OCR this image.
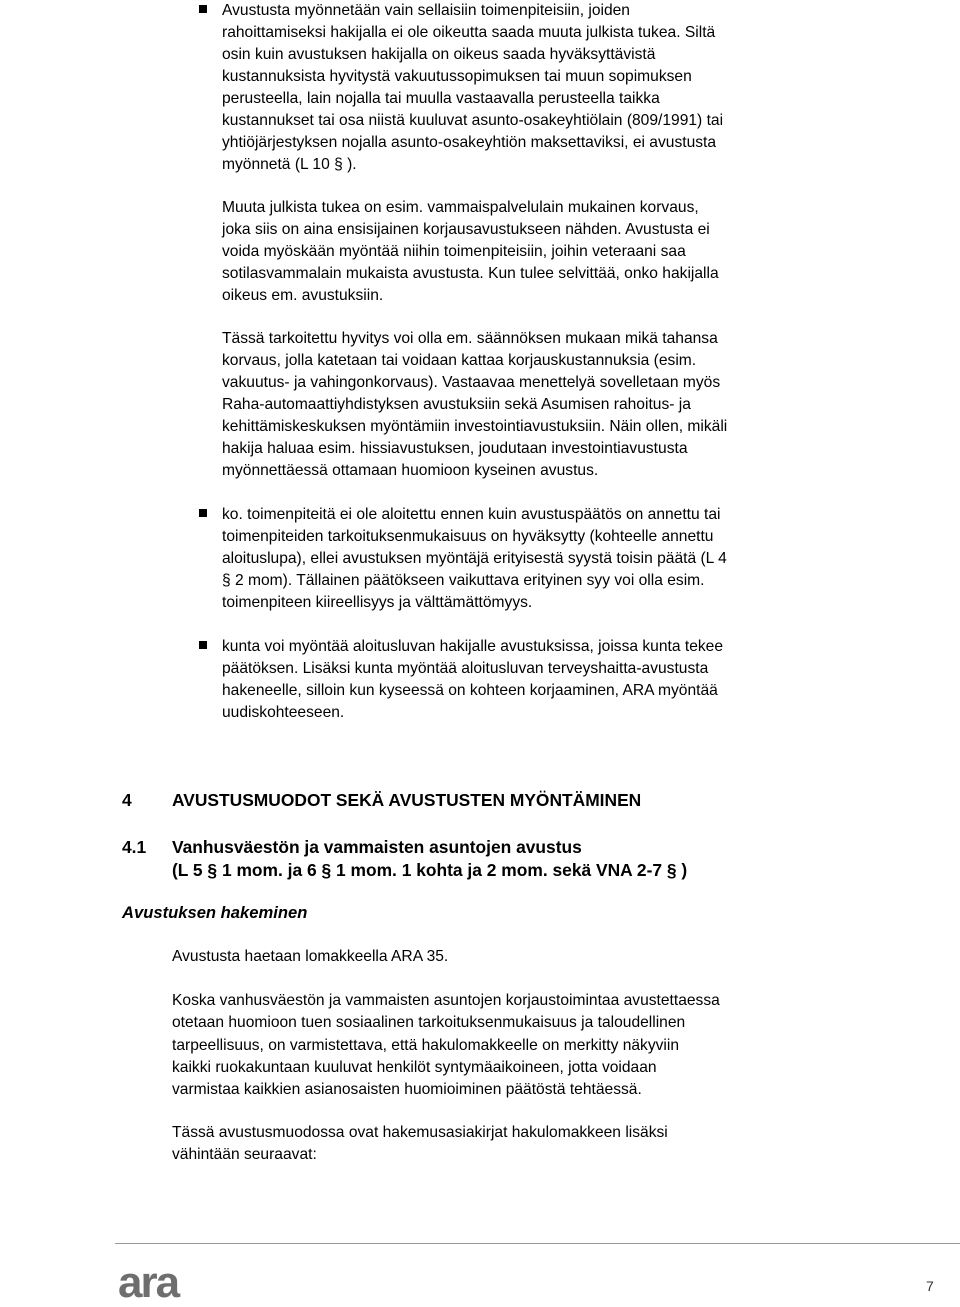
Avustusta myönnetään vain sellaisiin toimenpiteisiin, joiden
rahoittamiseksi hakijalla ei ole oikeutta saada muuta julkista tukea. Siltä
osin kuin avustuksen hakijalla on oikeus saada hyväksyttävistä
kustannuksista hyvitystä vakuutussopimuksen tai muun sopimuksen
perusteella, lain nojalla tai muulla vastaavalla perusteella taikka
kustannukset tai osa niistä kuuluvat asunto-osakeyhtiölain (809/1991) tai
yhtiöjärjestyksen nojalla asunto-osakeyhtiön maksettaviksi, ei avustusta
myönnetä (L 10 § ).

Muuta julkista tukea on esim. vammaispalvelulain mukainen korvaus,
joka siis on aina ensisijainen korjausavustukseen nähden. Avustusta ei
voida myöskään myöntää niihin toimenpiteisiin, joihin veteraani saa
sotilasvammalain mukaista avustusta. Kun tulee selvittää, onko hakijalla
oikeus em. avustuksiin.

Tässä tarkoitettu hyvitys voi olla em. säännöksen mukaan mikä tahansa
korvaus, jolla katetaan tai voidaan kattaa korjauskustannuksia (esim.
vakuutus- ja vahingonkorvaus). Vastaavaa menettelyä sovelletaan myös
Raha-automaattiyhdistyksen avustuksiin sekä Asumisen rahoitus- ja
kehittämiskeskuksen myöntämiin investointiavustuksiin. Näin ollen, mikäli
hakija haluaa esim. hissiavustuksen, joudutaan investointiavustusta
myönnettäessä ottamaan huomioon kyseinen avustus.

ko. toimenpiteitä ei ole aloitettu ennen kuin avustuspäätös on annettu tai
toimenpiteiden tarkoituksenmukaisuus on hyväksytty (kohteelle annettu
aloituslupa), ellei avustuksen myöntäjä erityisestä syystä toisin päätä (L 4
§ 2 mom). Tällainen päätökseen vaikuttava erityinen syy voi olla esim.
toimenpiteen kiireellisyys ja välttämättömyys.

kunta voi myöntää aloitusluvan hakijalle avustuksissa, joissa kunta tekee
päätöksen. Lisäksi kunta myöntää aloitusluvan terveyshaitta-avustusta
hakeneelle, silloin kun kyseessä on kohteen korjaaminen, ARA myöntää
uudiskohteeseen.

4 AVUSTUSMUODOT SEKÄ AVUSTUSTEN MYÖNTÄMINEN
4.1 Vanhusväestön ja vammaisten asuntojen avustus
(L 5 § 1 mom. ja 6 § 1 mom. 1 kohta ja 2 mom. sekä VNA 2-7 § )
Avustuksen hakeminen

Avustusta haetaan lomakkeella ARA 35.

Koska vanhusväestön ja vammaisten asuntojen korjaustoimintaa avustettaessa
otetaan huomioon tuen sosiaalinen tarkoituksenmukaisuus ja taloudellinen
tarpeellisuus, on varmistettava, että hakulomakkeelle on merkitty näkyviin
kaikki ruokakuntaan kuuluvat henkilöt syntymäaikoineen, jotta voidaan
varmistaa kaikkien asianosaisten huomioiminen päätöstä tehtäessä.

Tässä avustusmuodossa ovat hakemusasiakirjat hakulomakkeen lisäksi
vähintään seuraavat:

ara	7
